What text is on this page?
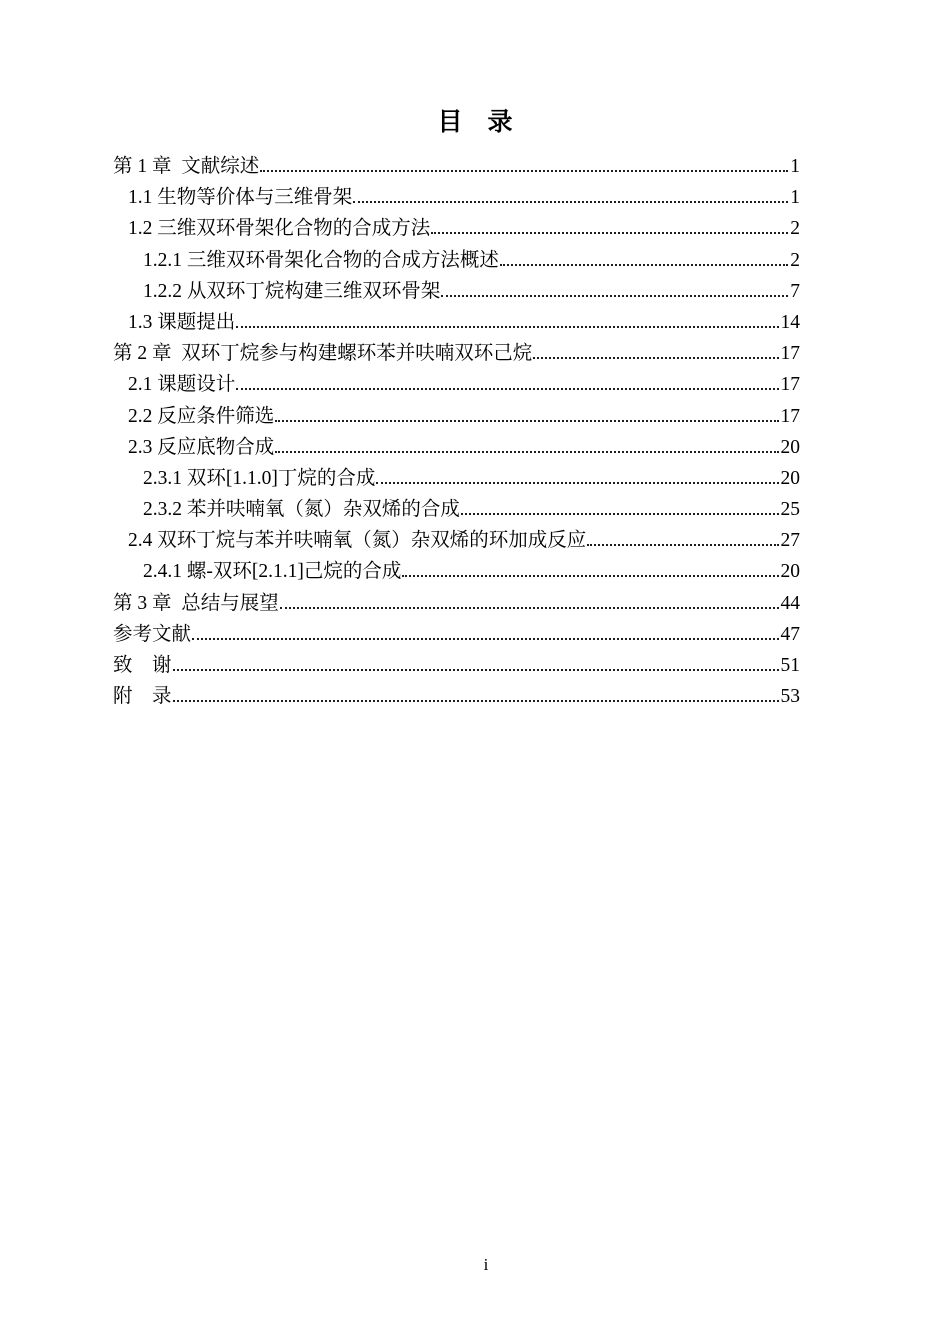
目　录
第 1 章  文献综述	1
1.1 生物等价体与三维骨架	1
1.2 三维双环骨架化合物的合成方法	2
1.2.1 三维双环骨架化合物的合成方法概述	2
1.2.2 从双环丁烷构建三维双环骨架	7
1.3 课题提出	14
第 2 章  双环丁烷参与构建螺环苯并呋喃双环己烷	17
2.1 课题设计	17
2.2 反应条件筛选	17
2.3 反应底物合成	20
2.3.1 双环[1.1.0]丁烷的合成	20
2.3.2 苯并呋喃氧（氮）杂双烯的合成	25
2.4 双环丁烷与苯并呋喃氧（氮）杂双烯的环加成反应	27
2.4.1 螺-双环[2.1.1]己烷的合成	20
第 3 章  总结与展望	44
参考文献	47
致　谢	51
附　录	53
i
